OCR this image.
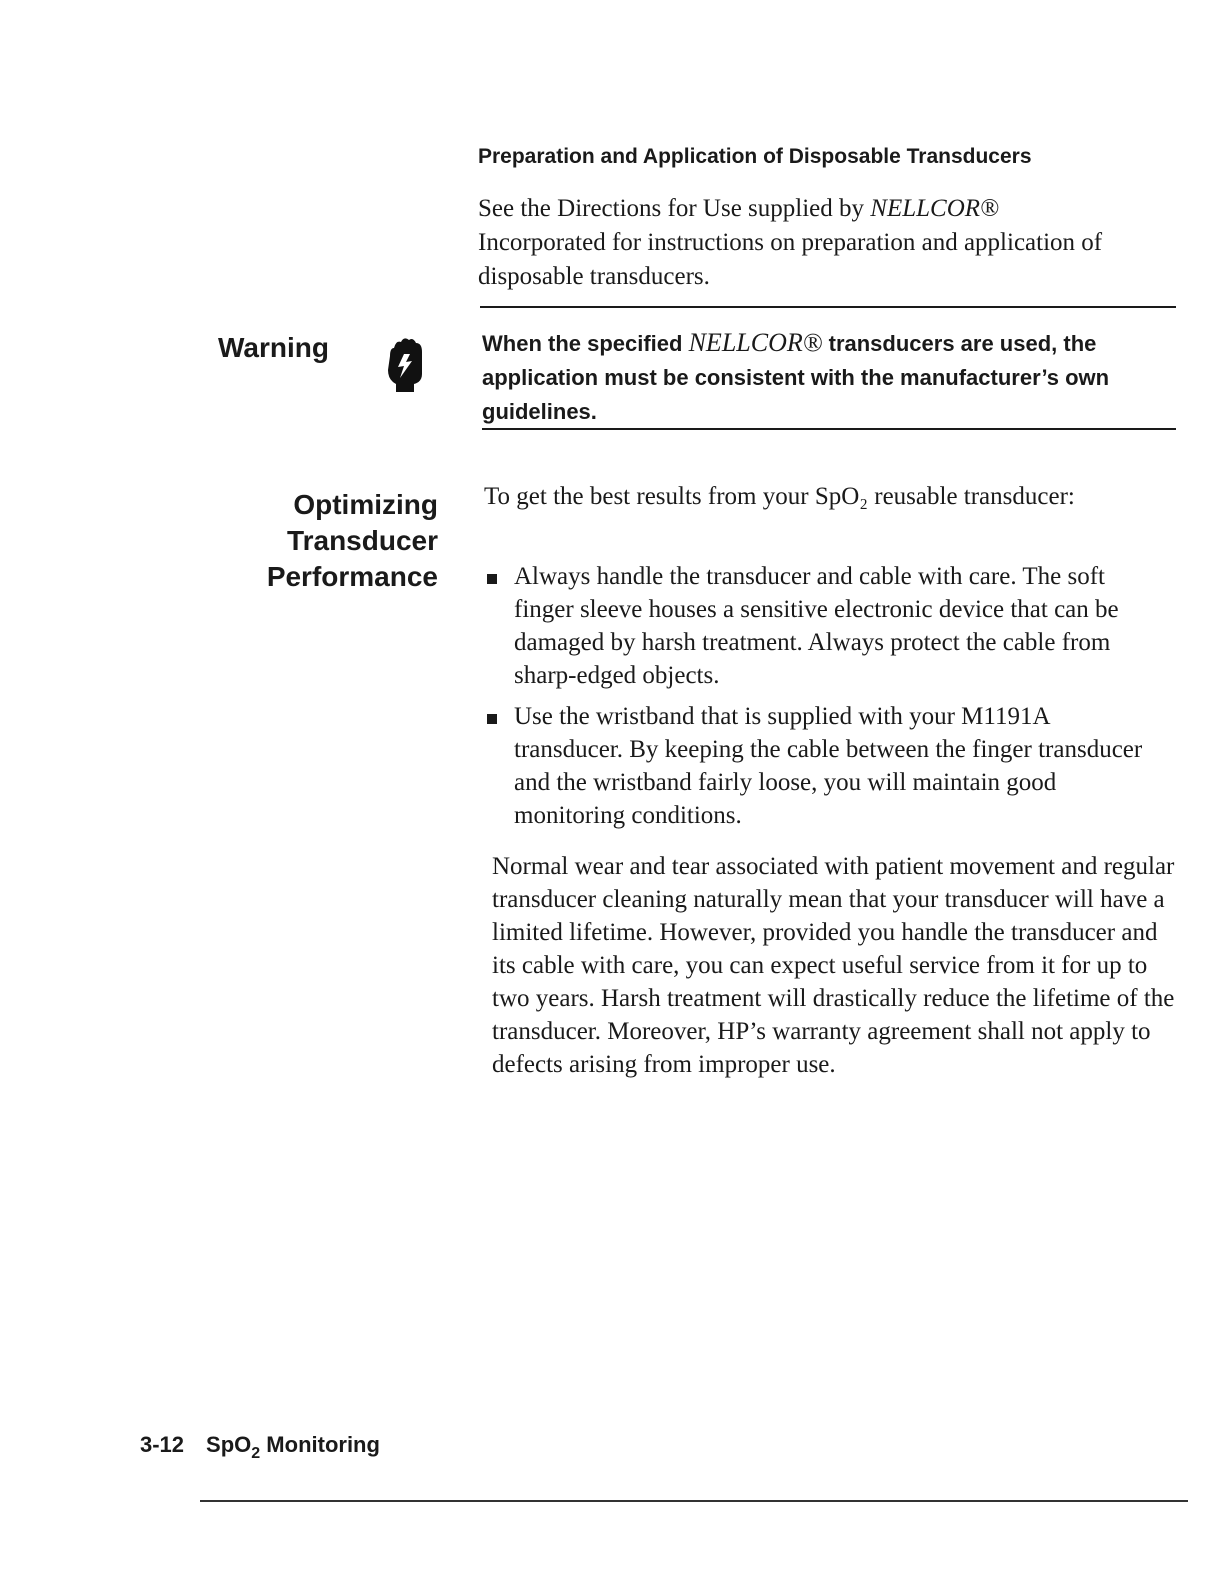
Preparation and Application of Disposable Transducers
See the Directions for Use supplied by NELLCOR® Incorporated for instructions on preparation and application of disposable transducers.
Warning	When the specified NELLCOR® transducers are used, the application must be consistent with the manufacturer’s own guidelines.
Optimizing
Transducer
Performance
To get the best results from your SpO₂ reusable transducer:
Always handle the transducer and cable with care. The soft finger sleeve houses a sensitive electronic device that can be damaged by harsh treatment. Always protect the cable from sharp-edged objects.
Use the wristband that is supplied with your M1191A transducer. By keeping the cable between the finger transducer and the wristband fairly loose, you will maintain good monitoring conditions.
Normal wear and tear associated with patient movement and regular transducer cleaning naturally mean that your transducer will have a limited lifetime. However, provided you handle the transducer and its cable with care, you can expect useful service from it for up to two years. Harsh treatment will drastically reduce the lifetime of the transducer. Moreover, HP’s warranty agreement shall not apply to defects arising from improper use.
3-12 SpO$_2$ Monitoring
